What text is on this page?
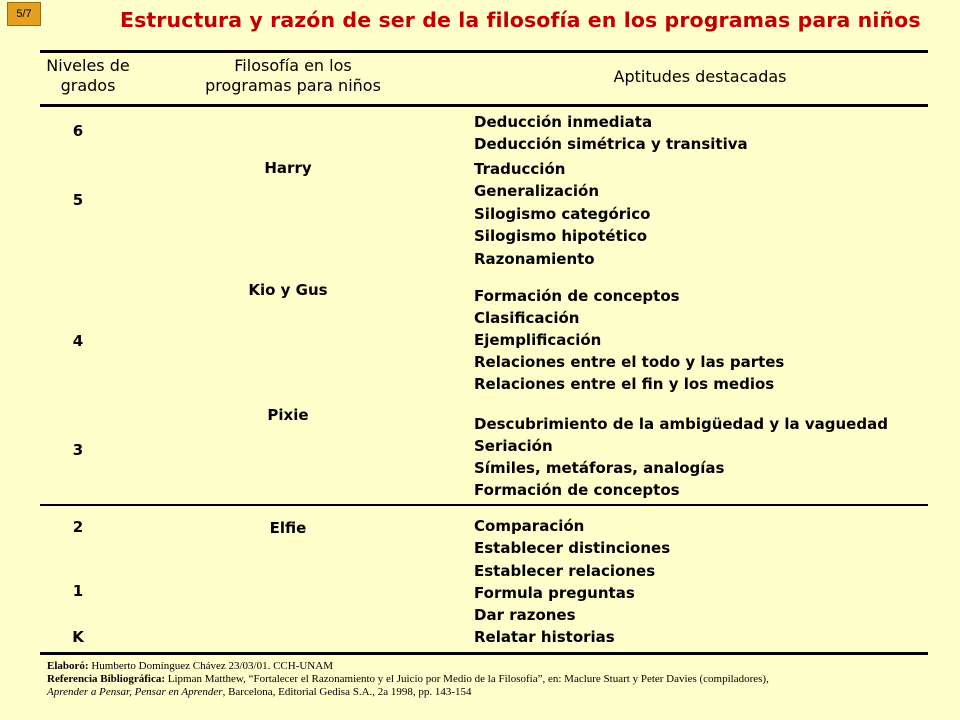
5/7	Estructura y razón de ser de la filosofía en los programas para niños
Niveles de
grados
Filosofía en los
programas para niños	Aptitudes destacadas
6
5
4
3
2
1
K
Harry
Kio y Gus
Pixie
Elfie
Deducción inmediata
Deducción simétrica y transitiva
Traducción
Generalización
Silogismo categórico
Silogismo hipotético
Razonamiento
Formación de conceptos
Clasificación
Ejemplificación
Relaciones entre el todo y las partes
Relaciones entre el fin y los medios
Descubrimiento de la ambigüedad y la vaguedad
Seriación
Símiles, metáforas, analogías
Formación de conceptos
Comparación
Establecer distinciones
Establecer relaciones
Formula preguntas
Dar razones
Relatar historias
Elaboró: Humberto Domínguez Chávez 23/03/01. CCH-UNAM
Referencia Bibliográfica: Lipman Matthew, “Fortalecer el Razonamiento y el Juicio por Medio de la Filosofía”, en: Maclure Stuart y Peter Davies (compiladores),
Aprender a Pensar, Pensar en Aprender, Barcelona, Editorial Gedisa S.A., 2a 1998, pp. 143-154
